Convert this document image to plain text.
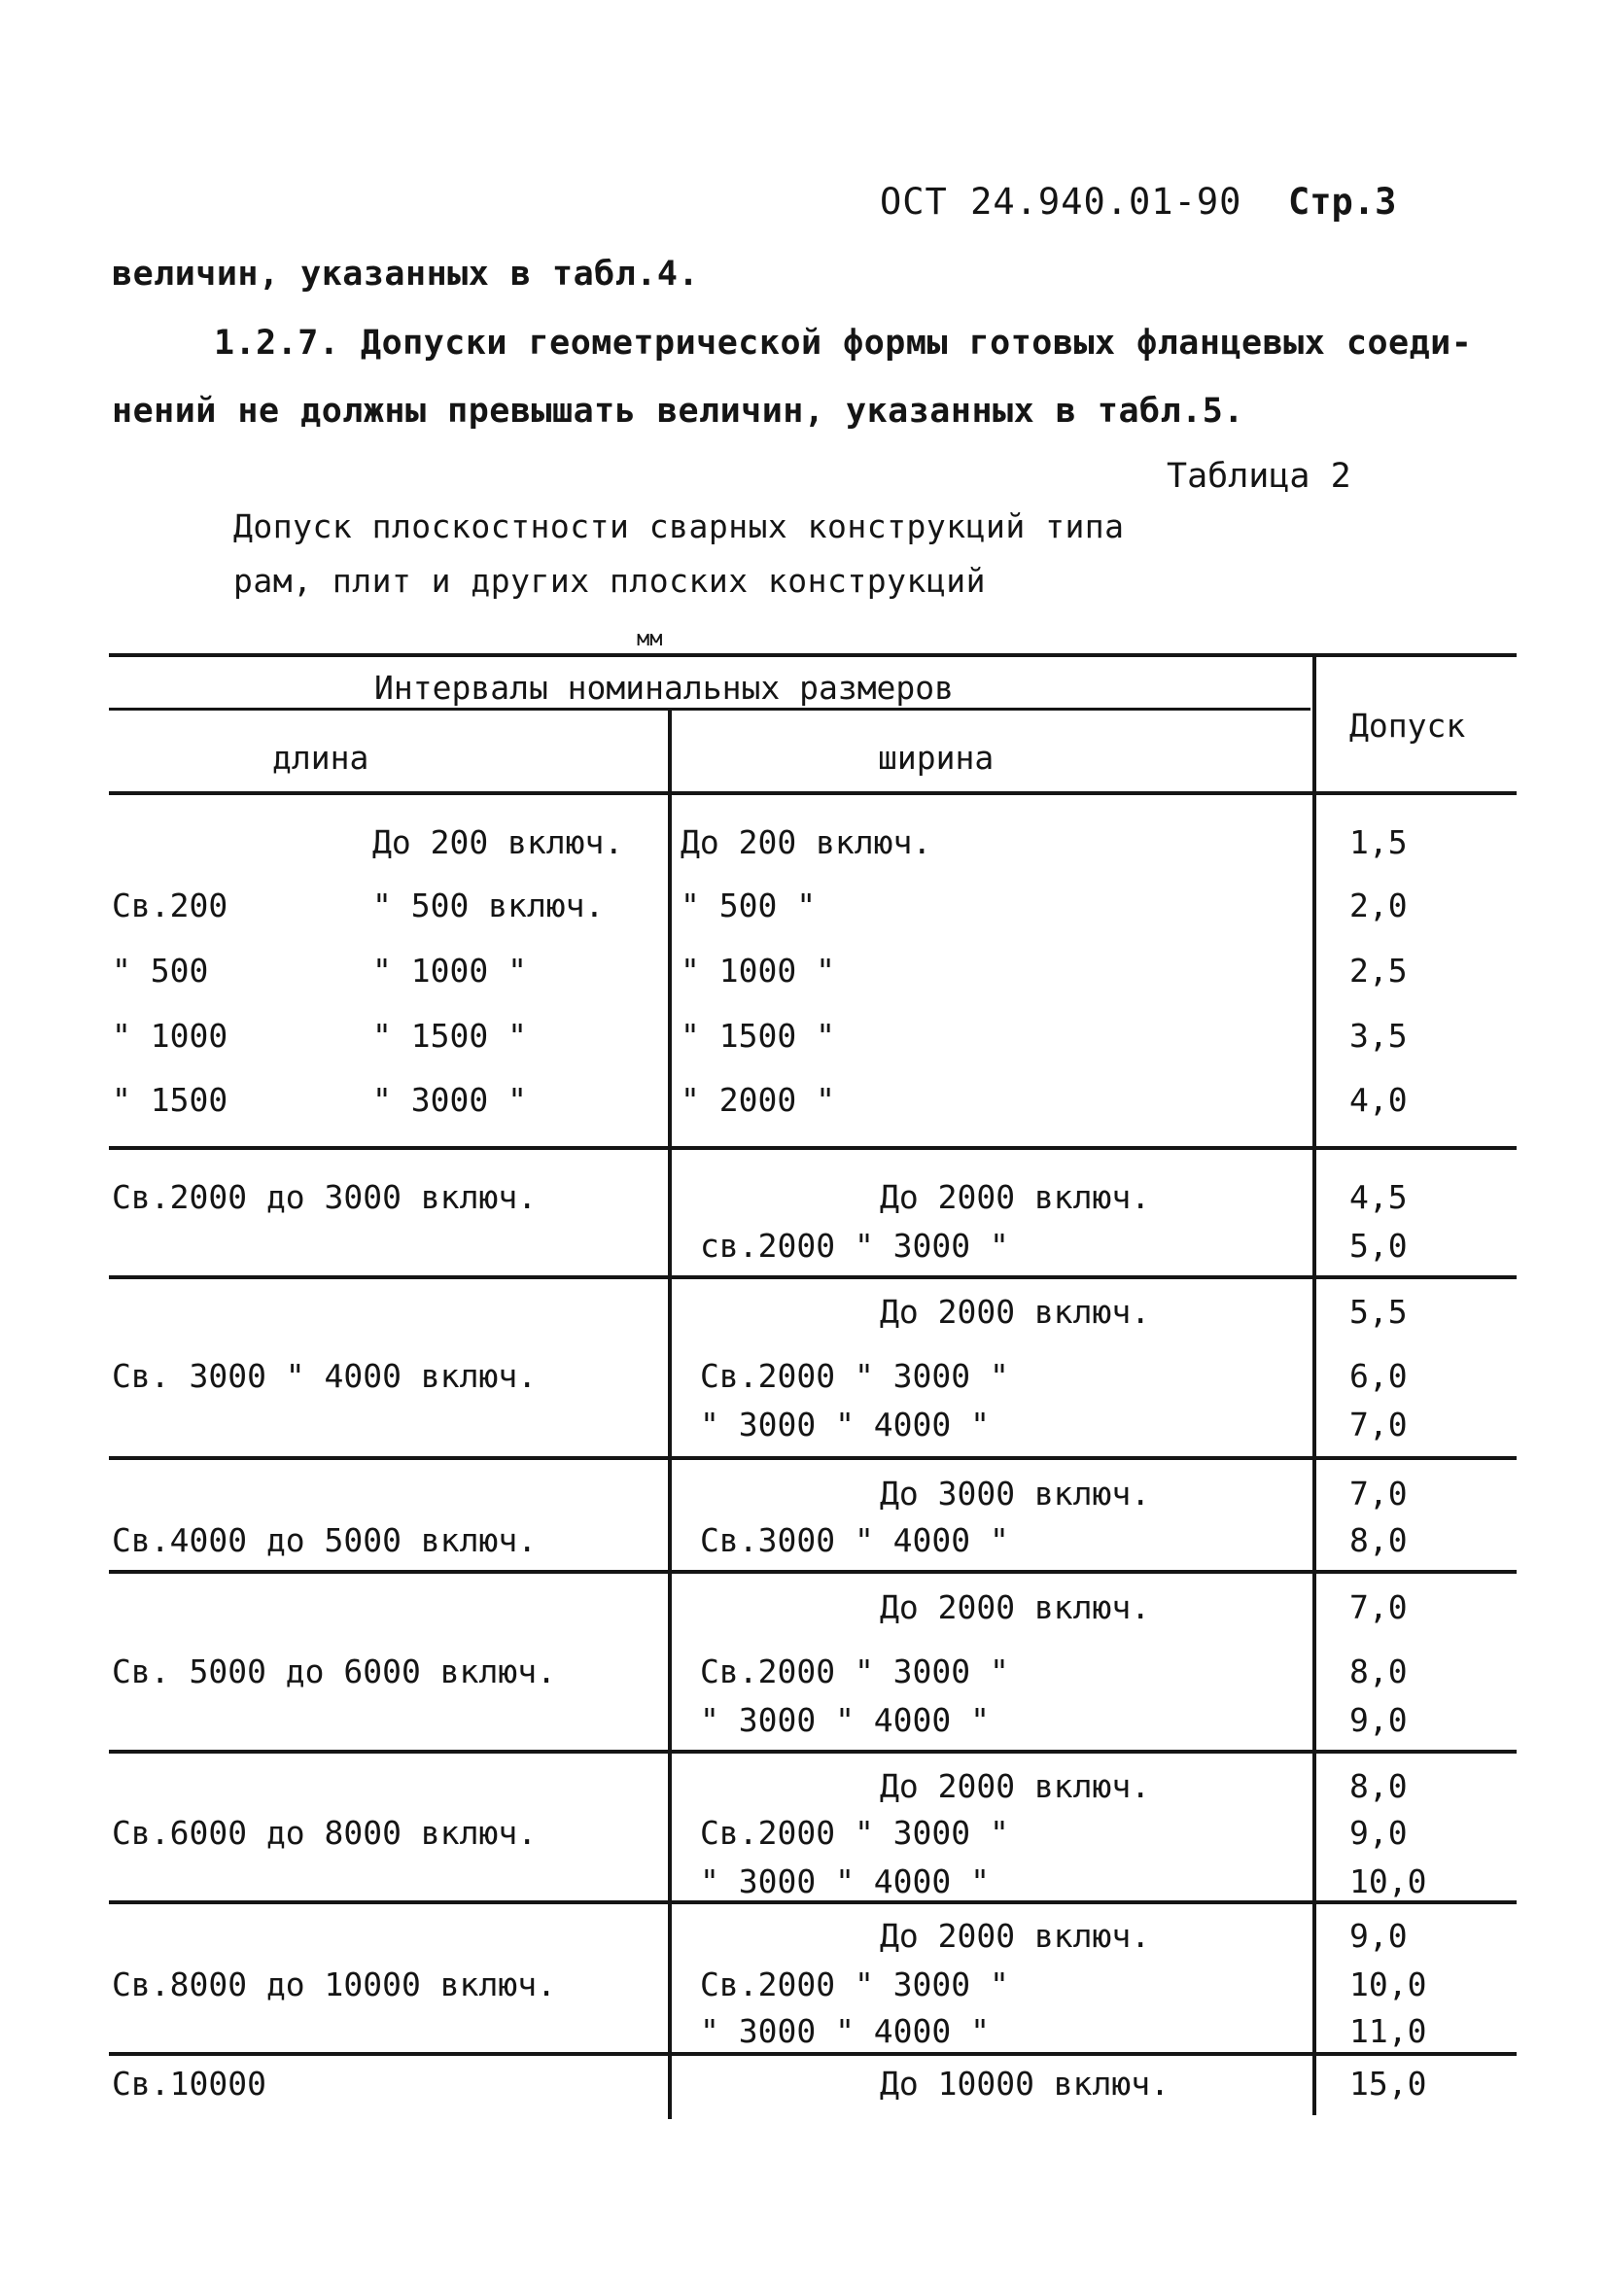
ОСТ 24.940.01-90 Стр.3
величин, указанных в табл.4.
1.2.7. Допуски геометрической формы готовых фланцевых соеди-
нений не должны превышать величин, указанных в табл.5.
Таблица 2
Допуск плоскостности сварных конструкций типа
рам, плит и других плоских конструкций
мм
Интервалы номинальных размеров
длина	ширина
Допуск
До 200 включ. До 200 включ.	1,5
Св.200	" 500 включ. " 500 "	2,0
" 500	" 1000 "	" 1000 "	2,5
" 1000	" 1500 "	" 1500 "	3,5
" 1500	" 3000 "	" 2000 "	4,0
Св.2000 до 3000 включ.	До 2000 включ.	4,5
св.2000 " 3000 "	5,0
До 2000 включ.	5,5
Св. 3000 " 4000 включ.	Св.2000 " 3000 "	6,0
" 3000 " 4000 "	7,0
До 3000 включ.	7,0
Св.4000 до 5000 включ.	Св.3000 " 4000 "	8,0
До 2000 включ.	7,0
Св. 5000 до 6000 включ.	Св.2000 " 3000 "	8,0
" 3000 " 4000 "	9,0
До 2000 включ.	8,0
Св.6000 до 8000 включ.	Св.2000 " 3000 "	9,0
" 3000 " 4000 "	10,0
До 2000 включ.	9,0
Св.8000 до 10000 включ.	Св.2000 " 3000 "	10,0
" 3000 " 4000 "	11,0
Св.10000	До 10000 включ.	15,0
